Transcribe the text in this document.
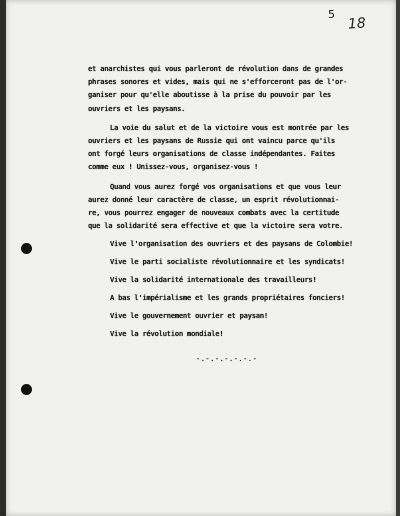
5
18
et anarchistes qui vous parleront de révolution dans de grandes
phrases sonores et vides, mais qui ne s'efforceront pas de l'or-
ganiser pour qu'elle aboutisse à la prise du pouvoir par les
ouvriers et les paysans.
La voie du salut et de la victoire vous est montrée par les
ouvriers et les paysans de Russie qui ont vaincu parce qu'ils
ont forgé leurs organisations de classe indépendantes. Faites
comme eux ! Unissez-vous, organisez-vous !
Quand vous aurez forgé vos organisations et que vous leur
aurez donné leur caractère de classe, un esprit révolutionnai-
re, vous pourrez engager de nouveaux combats avec la certitude
que la solidarité sera effective et que la victoire sera votre.
Vive l'organisation des ouvriers et des paysans de Colombie!
Vive le parti socialiste révolutionnaire et les syndicats!
Vive la solidarité internationale des travailleurs!
A bas l'impérialisme et les grands propriétaires fonciers!
Vive le gouvernement ouvrier et paysan!
Vive la révolution mondiale!
-.-.-.-.-.-.-
